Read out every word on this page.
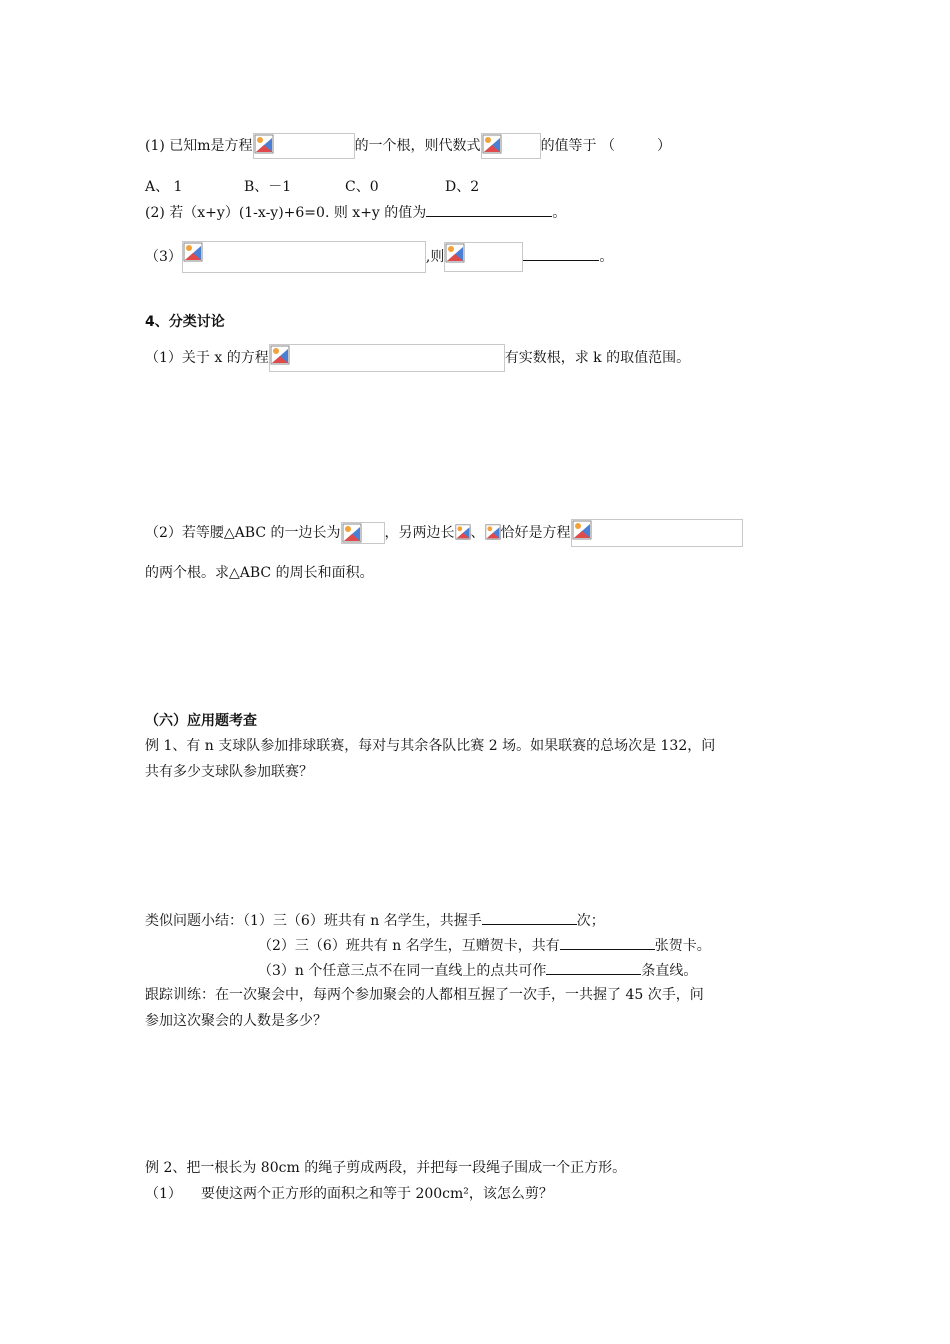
(1) 已知m是方程	的一个根，则代数式	的值等于 （　　　）
A、 1	B、－1	C、0	D、2
(2) 若（x+y）(1-x-y)+6=0. 则 x+y 的值为	。
（3）	,则	。
4、分类讨论
（1）关于 x 的方程	有实数根，求 k 的取值范围。
（2）若等腰△ABC 的一边长为	，另两边长 、 恰好是方程
的两个根。求△ABC 的周长和面积。
（六）应用题考查
例 1、有 n 支球队参加排球联赛，每对与其余各队比赛 2 场。如果联赛的总场次是 132，问
共有多少支球队参加联赛？
类似问题小结：（1）三（6）班共有 n 名学生，共握手	次；
（2）三（6）班共有 n 名学生，互赠贺卡，共有	张贺卡。
（3）n 个任意三点不在同一直线上的点共可作	条直线。
跟踪训练：在一次聚会中，每两个参加聚会的人都相互握了一次手，一共握了 45 次手，问
参加这次聚会的人数是多少？
例 2、把一根长为 80cm 的绳子剪成两段，并把每一段绳子围成一个正方形。
（1） 要使这两个正方形的面积之和等于 200cm²，该怎么剪？
